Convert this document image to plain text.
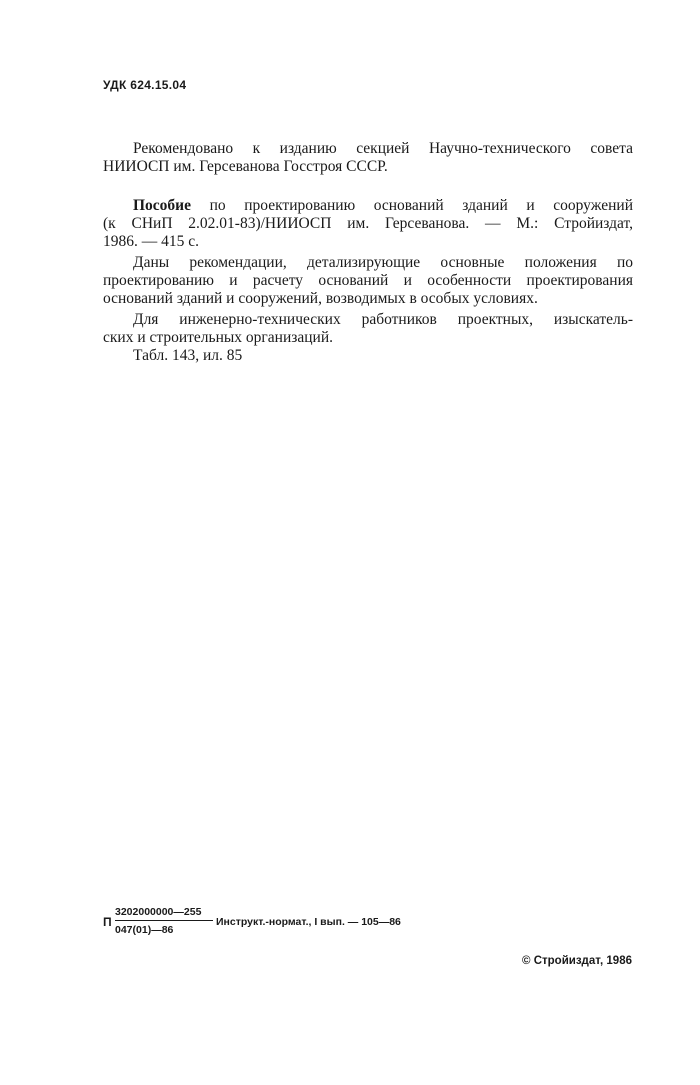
УДК 624.15.04
Рекомендовано к изданию секцией Научно-технического совета
НИИОСП им. Герсеванова Госстроя СССР.
Пособие по проектированию оснований зданий и сооружений
(к СНиП 2.02.01-83)/НИИОСП им. Герсеванова. — М.: Стройиздат,
1986. — 415 с.
Даны рекомендации, детализирующие основные положения по
проектированию и расчету оснований и особенности проектирования
оснований зданий и сооружений, возводимых в особых условиях.
Для инженерно-технических работников проектных, изыскатель-
ских и строительных организаций.
Табл. 143, ил. 85
П $\frac{3202000000—255}{047(01)—86}$ Инструкт.-нормат., I вып. — 105—86
© Стройиздат, 1986
